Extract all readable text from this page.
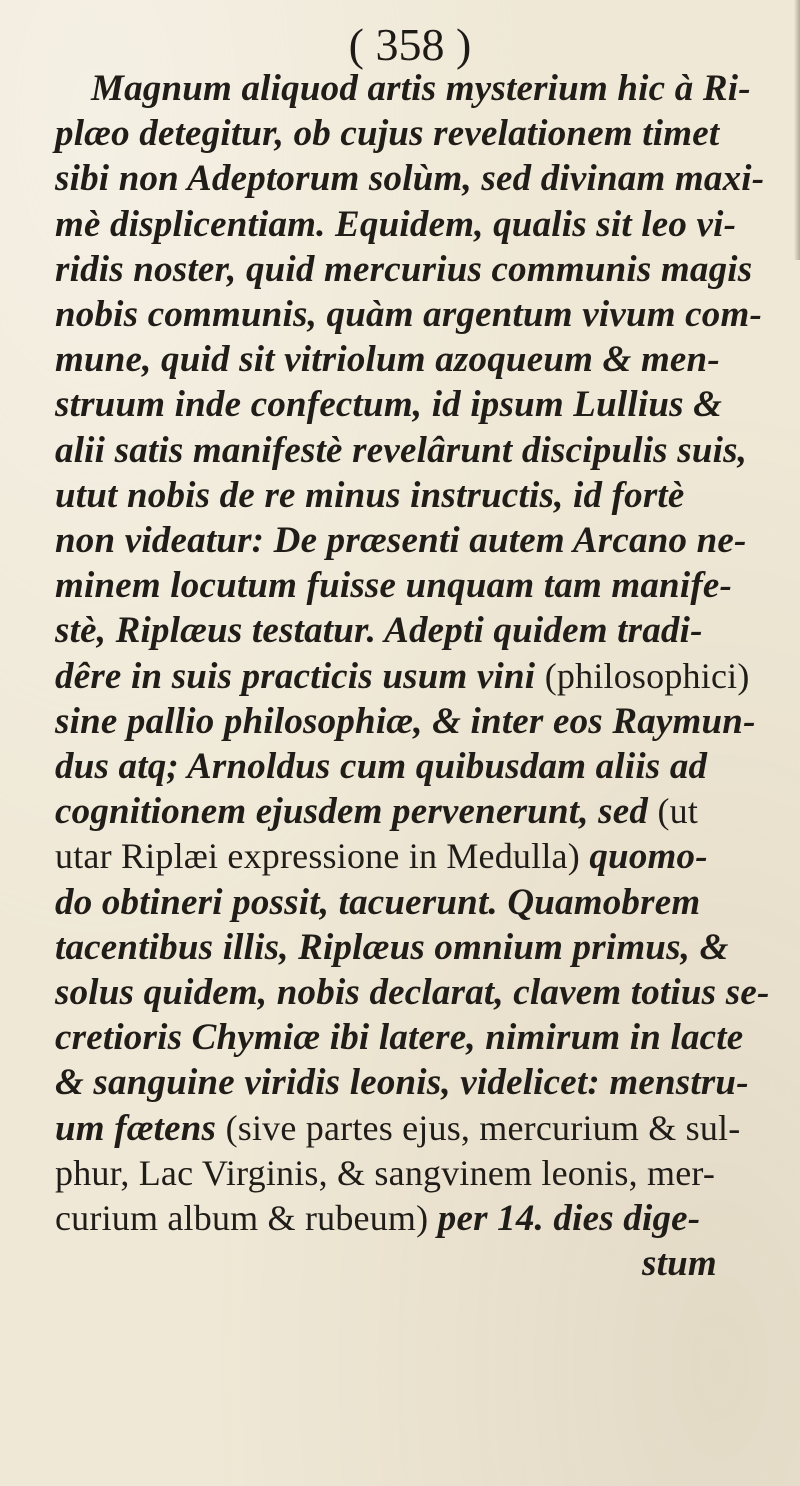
( 358 )
Magnum aliquod artis mysterium hic à Ri-
plæo detegitur, ob cujus revelationem timet
sibi non Adeptorum solùm, sed divinam maxi-
mè displicentiam. Equidem, qualis sit leo vi-
ridis noster, quid mercurius communis magis
nobis communis, quàm argentum vivum com-
mune, quid sit vitriolum azoqueum & men-
struum inde confectum, id ipsum Lullius &
alii satis manifestè revelârunt discipulis suis,
utut nobis de re minus instructis, id fortè
non videatur: De præsenti autem Arcano ne-
minem locutum fuisse unquam tam manife-
stè, Riplæus testatur. Adepti quidem tradi-
dêre in suis practicis usum vini (philosophici)
sine pallio philosophiæ, & inter eos Raymun-
dus atq; Arnoldus cum quibusdam aliis ad
cognitionem ejusdem pervenerunt, sed (ut
utar Riplæi expressione in Medulla) quomo-
do obtineri possit, tacuerunt. Quamobrem
tacentibus illis, Riplæus omnium primus, &
solus quidem, nobis declarat, clavem totius se-
cretioris Chymiæ ibi latere, nimirum in lacte
& sanguine viridis leonis, videlicet: menstru-
um fætens (sive partes ejus, mercurium & sul-
phur, Lac Virginis, & sangvinem leonis, mer-
curium album & rubeum) per 14. dies dige-
stum
